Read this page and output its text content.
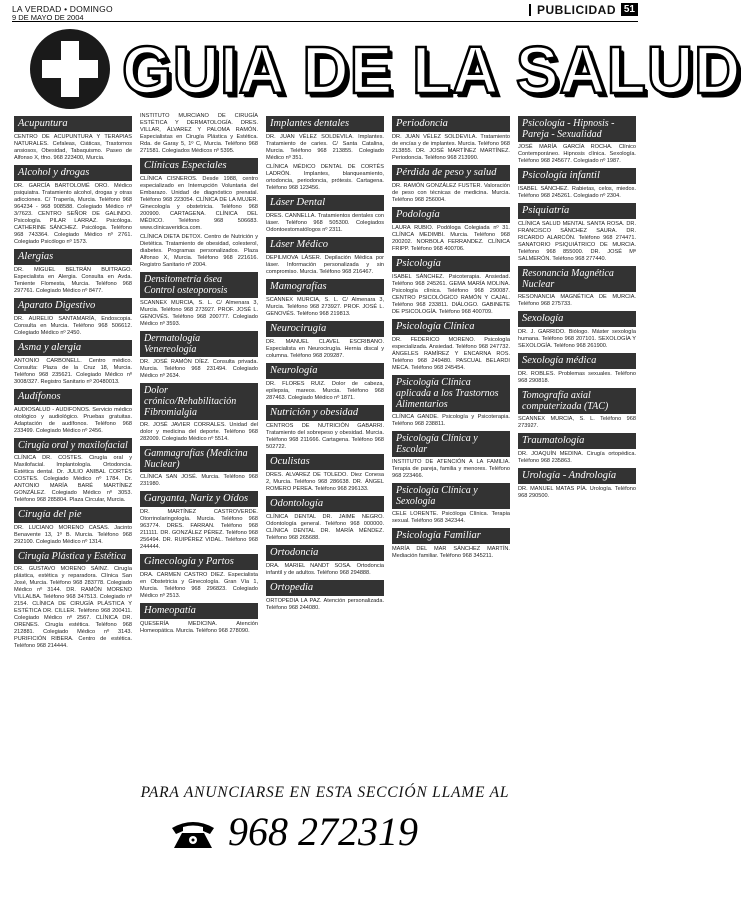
LA VERDAD • DOMINGO
9 DE MAYO DE 2004
PUBLICIDAD 51
GUIA DE LA SALUD
Acupuntura
CENTRO DE ACUPUNTURA Y TERAPIAS NATURALES. Cefaleas, Ciáticas, Trastornos ansiosos, Obesidad, Tabaquismo. Paseo de Alfonso X, tfno. 968 223400, Murcia.
Alcohol y drogas
DR. GARCÍA BARTOLOMÉ ORO. Médico psiquiatra. Tratamiento alcohol, drogas y otras adicciones. C/ Trapería, Murcia. Teléfono 968 964234 - 968 908588. Colegiado Médico nº 3/7623. CENTRO SEÑOR DE GALINDO. Psicología. PILAR LARRAZ. Psicóloga. CATHERINE SÁNCHEZ. Psicóloga. Teléfono 968 743364. Colegiado Médico nº 2761. Colegiado Psicólogo nº 1573.
Alergias
DR. MIGUEL BELTRÁN BUITRAGO. Especialista en Alergia. Consulta en Avda. Teniente Flomesta, Murcia. Teléfono 968 297761. Colegiado Médico nº 8477.
Aparato Digestivo
DR. AURELIO SANTAMARÍA, Endoscopia. Consulta en Murcia. Teléfono 968 506612. Colegiado Médico nº 2450.
Asma y alergia
ANTONIO CARBONELL. Centro médico. Consulta: Plaza de la Cruz 18, Murcia. Teléfono 968 235621. Colegiado Médico nº 3008/327. Registro Sanitario nº 20480013.
Audífonos
AUDIOSALUD - AUDIFONOS. Servicio médico otológico y audiológico. Pruebas gratuitas. Adaptación de audífonos. Teléfono 968 233499. Colegiado Médico nº 2456.
Cirugía oral y maxilofacial
CLÍNICA DR. COSTES. Cirugía oral y Maxilofacial. Implantología. Ortodoncia. Estética dental. Dr. JULIO ANIBAL CORTÉS COSTES. Colegiado Médico nº 1784. Dr. ANTONIO MARÍA BARÉ MARTÍNEZ GONZÁLEZ. Colegiado Médico nº 3053. Teléfono 968 285804. Plaza Circular, Murcia.
Cirugía del pie
DR. LUCIANO MORENO CASAS. Jacinto Benavente 13, 1º B. Murcia. Teléfono 968 292100. Colegiado Médico nº 1314.
Cirugía Plástica y Estética
DR. GUSTAVO MORENO SÁINZ. Cirugía plástica, estética y reparadora. Clínica San José, Murcia. Teléfono 968 283778. Colegiado Médico nº 3144. DR. RAMÓN MORENO VILLALBA. Teléfono 968 347513. Colegiado nº 2154. CLÍNICA DE CIRUGÍA PLÁSTICA Y ESTÉTICA DR. CILLER. Teléfono 968 200411. Colegiado Médico nº 2567. CLÍNICA DR. ORENES. Cirugía estética. Teléfono 968 212881. Colegiado Médico nº 3143. PURIFICIÓN RIBERA. Centro de estética. Teléfono 968 214444.
INSTITUTO MURCIANO DE CIRUGÍA ESTÉTICA Y DERMATOLOGÍA. DRES. VILLAR, ÁLVAREZ Y PALOMA RAMÓN. Especialistas en Cirugía Plástica y Estética. Rda. de Garay 5, 1º C, Murcia. Teléfono 968 271581. Colegiados Médicos nº 5395.
Clínicas Especiales
CLÍNICA CISNEROS. Desde 1988, centro especializado en Interrupción Voluntaria del Embarazo. Unidad de diagnóstico prenatal. Teléfono 968 223054. CLÍNICA DE LA MUJER. Ginecología y obstetricia. Teléfono 968 200900. CARTAGENA. CLÍNICA DEL MÉDICO. Teléfono 968 506683. www.clinicaveridica.com.
CLÍNICA DIETA DETOX. Centro de Nutrición y Dietética. Tratamiento de obesidad, colesterol, diabetes. Programas personalizados. Plaza Alfonso X, Murcia. Teléfono 968 221616. Registro Sanitario nº 2004.
Densitometría ósea Control osteoporosis
SCANNEX MURCIA, S. L. C/ Almenara 3, Murcia. Teléfono 968 273927. PROF. JOSÉ L. GENOVÉS. Teléfono 968 200777. Colegiado Médico nº 3593.
Dermatología Venereología
DR. JOSÉ RAMÓN DÍEZ. Consulta privada. Murcia. Teléfono 968 231494. Colegiado Médico nº 2634.
Dolor crónico/Rehabilitación Fibromialgia
DR. JOSÉ JAVIER CORRALES. Unidad del dolor y medicina del deporte. Teléfono 968 282009. Colegiado Médico nº 5514.
Gammagrafías (Medicina Nuclear)
CLÍNICA SAN JOSÉ. Murcia. Teléfono 968 231980.
Garganta, Nariz y Oídos
DR. MARTÍNEZ CASTROVERDE. Otorrinolaringología. Murcia. Teléfono 968 963774. DRES. FARRAN. Teléfono 968 211111. DR. GONZÁLEZ PÉREZ. Teléfono 968 256494. DR. RUIPÉREZ VIDAL. Teléfono 968 244444.
Ginecología y Partos
DRA. CARMEN CASTRO DIEZ. Especialista en Obstetricia y Ginecología. Gran Vía 1, Murcia. Teléfono 968 296823. Colegiado Médico nº 2513.
Homeopatía
QUESERÍA MEDICINA. Atención Homeopática. Murcia. Teléfono 968 278090.
Implantes dentales
DR. JUAN VÉLEZ SOLDEVILA. Implantes. Tratamiento de caries. C/ Santa Catalina, Murcia. Teléfono 968 213855. Colegiado Médico nº 351.
CLÍNICA MÉDICO DENTAL DE CORTÉS LADRÓN. Implantes, blanqueamiento, ortodoncia, periodoncia, prótesis. Cartagena. Teléfono 968 123456.
Láser Dental
DRES. CANNELLA. Tratamientos dentales con láser. Teléfono 968 505300. Colegiados Odontoestomatólogos nº 2311.
Láser Médico
DEPILMOVA LÁSER. Depilación Médica por láser. Información personalizada y sin compromiso. Murcia. Teléfono 968 216467.
Mamografías
SCANNEX MURCIA, S. L. C/ Almenara 3, Murcia. Teléfono 968 273927. PROF. JOSÉ L. GENOVÉS. Teléfono 968 219813.
Neurocirugía
DR. MANUEL CLAVEL ESCRIBANO. Especialista en Neurocirugía. Hernia discal y columna. Teléfono 968 209287.
Neurología
DR. FLORES RUIZ. Dolor de cabeza, epilepsia, mareos. Murcia. Teléfono 968 287463. Colegiado Médico nº 1871.
Nutrición y obesidad
CENTROS DE NUTRICIÓN GABARRI. Tratamiento del sobrepeso y obesidad. Murcia. Teléfono 968 211666. Cartagena. Teléfono 968 502722.
Oculistas
DRES. ALVAREZ DE TOLEDO. Diez Conesa 2, Murcia. Teléfono 968 286638. DR. ÁNGEL ROMERO PEREA. Teléfono 968 296133.
Odontología
CLÍNICA DENTAL DR. JAIME NEGRO. Odontología general. Teléfono 968 000000. CLÍNICA DENTAL DR. MARÍA MÉNDEZ. Teléfono 968 265688.
Ortodoncia
DRA. MARIEL NANDT SOSA. Ortodoncia infantil y de adultos. Teléfono 968 294888.
Ortopedia
ORTOPEDIA LA PAZ. Atención personalizada. Teléfono 968 244080.
Periodoncia
DR. JUAN VÉLEZ SOLDEVILA. Tratamiento de encías y de implantes. Murcia. Teléfono 968 213855. DR. JOSÉ MARTÍNEZ MARTÍNEZ. Periodoncia. Teléfono 968 213990.
Pérdida de peso y salud
DR. RAMÓN GONZÁLEZ FUSTER. Valoración de peso con técnicas de medicina. Murcia. Teléfono 968 256004.
Podología
LAURA RUBIO. Podóloga Colegiada nº 31. CLÍNICA MEDIMBI. Murcia. Teléfono 968 200202. NORBOLA FERRANDEZ. CLÍNICA FRIPP. Teléfono 968 400706.
Psicología
ISABEL SÁNCHEZ. Psicoterapia. Ansiedad. Teléfono 968 245261. GEMA MARÍA MOLINA. Psicología clínica. Teléfono 968 290087. CENTRO PSICOLÓGICO RAMÓN Y CAJAL. Teléfono 968 233811. DIÁLOGO. GABINETE DE PSICOLOGÍA. Teléfono 968 400709.
Psicología Clínica
DR. FEDERICO MORENO. Psicología especializada. Ansiedad. Teléfono 968 247732. ÁNGELES RAMÍREZ Y ENCARNA ROS. Teléfono 968 249480. PASCUAL BELARDI MECA. Teléfono 968 245454.
Psicología Clínica aplicada a los Trastornos Alimentarios
CLÍNICA GANDE. Psicología y Psicoterapia. Teléfono 968 238811.
Psicología Clínica y Escolar
INSTITUTO DE ATENCIÓN A LA FAMILIA. Terapia de pareja, familia y menores. Teléfono 968 223466.
Psicología Clínica y Sexología
CELE LORENTE. Psicóloga Clínica. Terapia sexual. Teléfono 968 342344.
Psicología Familiar
MARÍA DEL MAR SÁNCHEZ MARTÍN. Mediación familiar. Teléfono 968 345211.
Psicología - Hipnosis - Pareja - Sexualidad
JOSÉ MARÍA GARCÍA ROCHA. Clínico Contemporáneo. Hipnosis clínica. Sexología. Teléfono 968 245677. Colegiado nº 1987.
Psicología infantil
ISABEL SÁNCHEZ. Rabietas, celos, miedos. Teléfono 968 245261. Colegiado nº 2304.
Psiquiatría
CLÍNICA SALUD MENTAL SANTA ROSA. DR. FRANCISCO SÁNCHEZ SAURA. DR. RICARDO ALARCÓN. Teléfono 968 274471. SANATORIO PSIQUIÁTRICO DE MURCIA. Teléfono 968 855000. DR. JOSÉ Mª SALMERÓN. Teléfono 968 277440.
Resonancia Magnética Nuclear
RESONANCIA MAGNÉTICA DE MURCIA. Teléfono 968 275733.
Sexología
DR. J. GARRIDO. Biólogo. Máster sexología humana. Teléfono 968 207101. SEXOLOGÍA Y SEXOLOGÍA. Teléfono 968 261900.
Sexología médica
DR. ROBLES. Problemas sexuales. Teléfono 968 290818.
Tomografía axial computerizada (TAC)
SCANNEX MURCIA, S. L. Teléfono 968 273927.
Traumatología
DR. JOAQUÍN MEDINA. Cirugía ortopédica. Teléfono 968 235863.
Urología - Andrología
DR. MANUEL MATAS PÍA. Urología. Teléfono 968 290500.
PARA ANUNCIARSE EN ESTA SECCIÓN LLAME AL
968 272319
